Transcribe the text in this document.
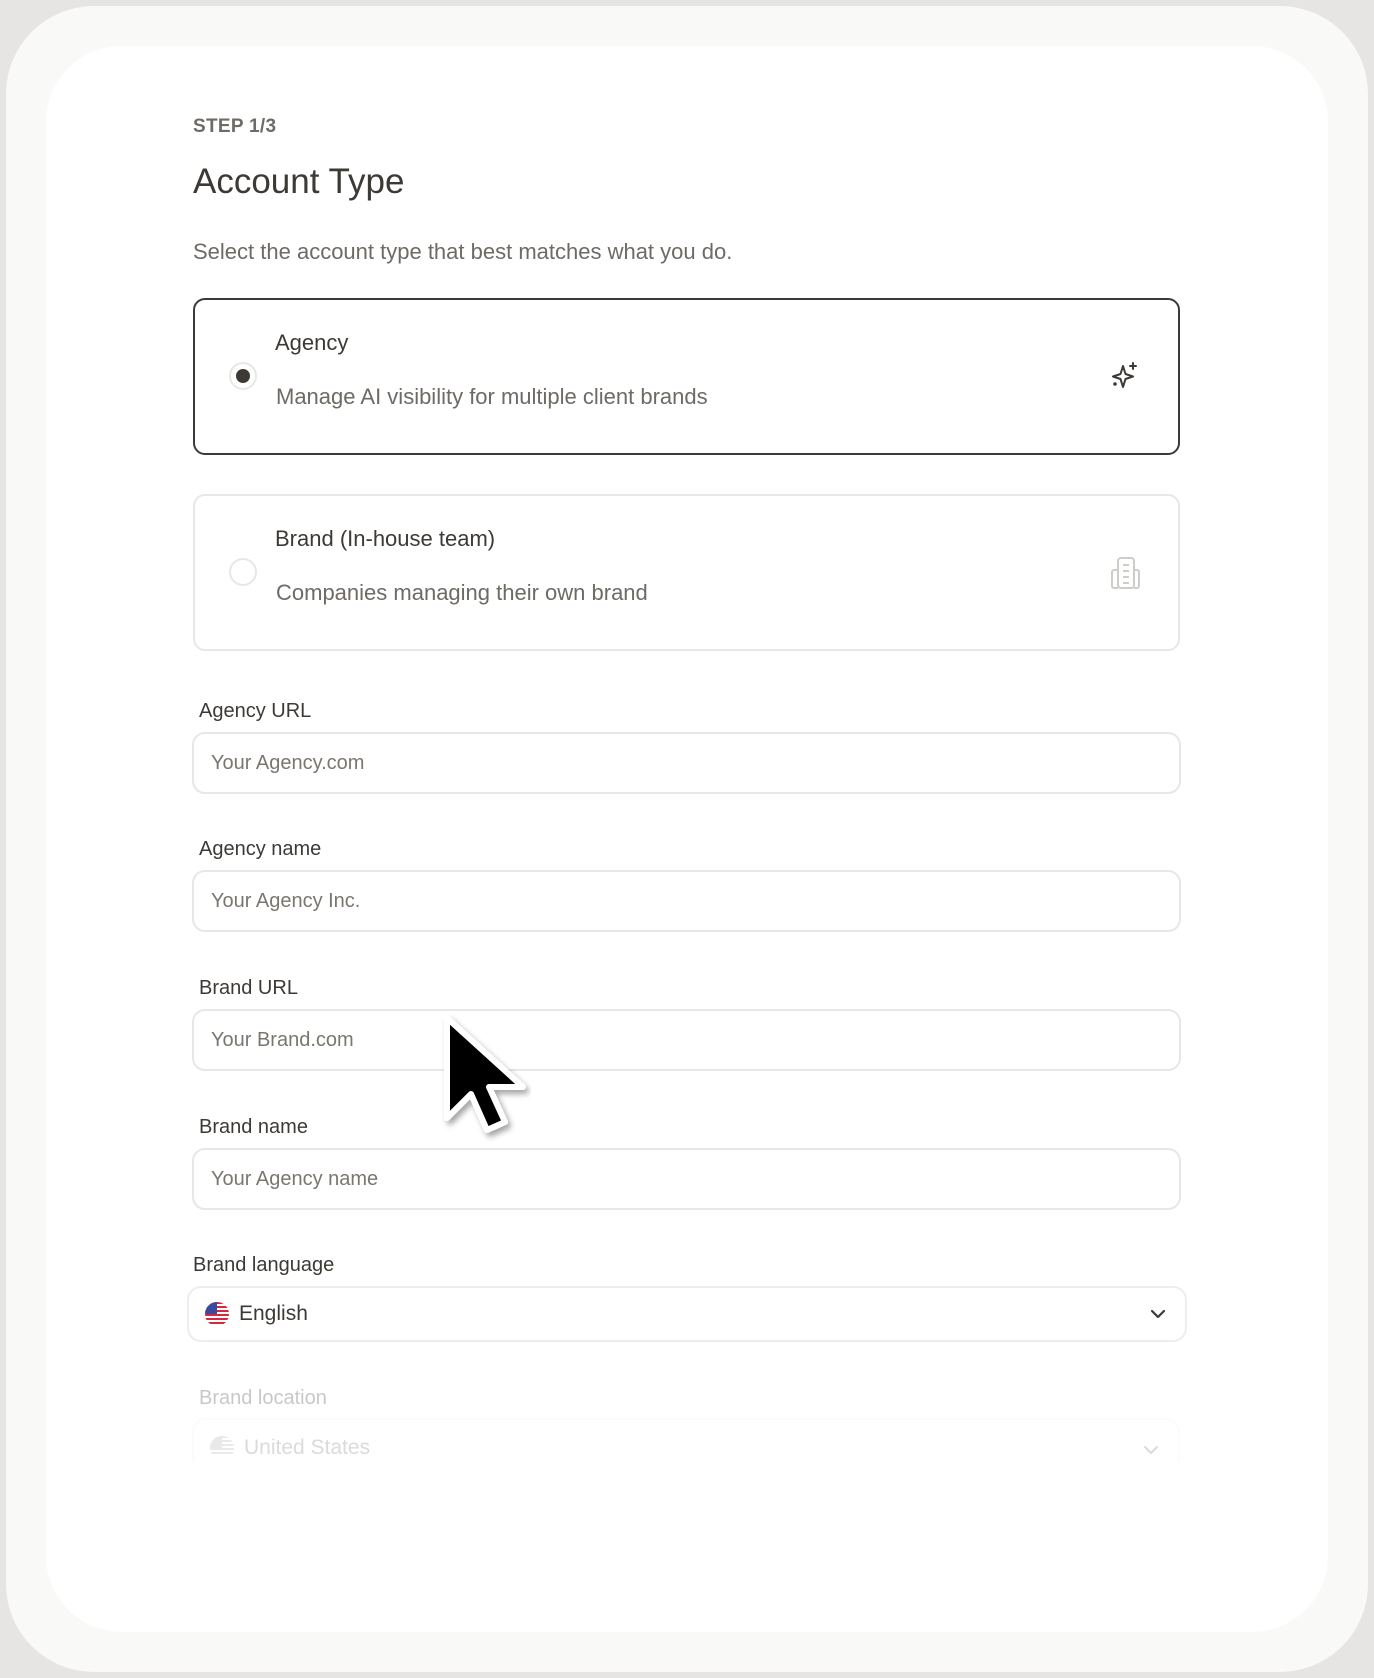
STEP 1/3
Account Type
Select the account type that best matches what you do.
Agency
Manage AI visibility for multiple client brands
Brand (In-house team)
Companies managing their own brand
Agency URL
Your Agency.com
Agency name
Your Agency Inc.
Brand URL
Your Brand.com
Brand name
Your Agency name
Brand language
English
Brand location
United States
